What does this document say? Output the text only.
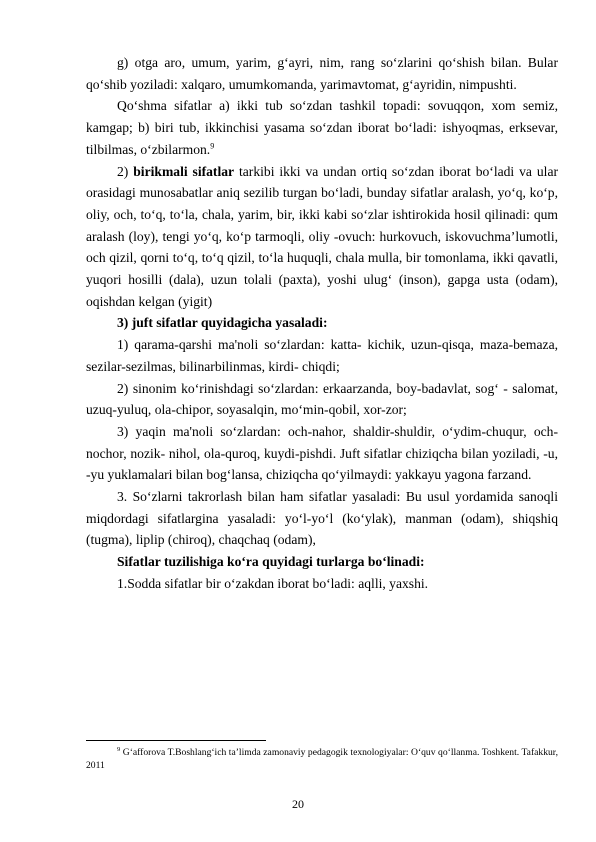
g) otga aro, umum, yarim, g‘ayri, nim, rang so‘zlarini qo‘shish bilan. Bular qo‘shib yoziladi: xalqaro, umumkomanda, yarimavtomat, g‘ayridin, nimpushti.

Qo‘shma sifatlar a) ikki tub so‘zdan tashkil topadi: sovuqqon, xom semiz, kamgap; b) biri tub, ikkinchisi yasama so‘zdan iborat bo‘ladi: ishyoqmas, erksevar, tilbilmas, o‘zbilarmon.$^9$

2) birikmali sifatlar tarkibi ikki va undan ortiq so‘zdan iborat bo‘ladi va ular orasidagi munosabatlar aniq sezilib turgan bo‘ladi, bunday sifatlar aralash, yo‘q, ko‘p, oliy, och, to‘q, to‘la, chala, yarim, bir, ikki kabi so‘zlar ishtirokida hosil qilinadi: qum aralash (loy), tengi yo‘q, ko‘p tarmoqli, oliy -ovuch: hurkovuch, iskovuchma’lumotli, och qizil, qorni to‘q, to‘q qizil, to‘la huquqli, chala mulla, bir tomonlama, ikki qavatli, yuqori hosilli (dala), uzun tolali (paxta), yoshi ulug‘ (inson), gapga usta (odam), oqishdan kelgan (yigit)

3) juft sifatlar quyidagicha yasaladi:

1) qarama-qarshi ma'noli so‘zlardan: katta- kichik, uzun-qisqa, maza-bemaza, sezilar-sezilmas, bilinarbilinmas, kirdi- chiqdi;

2) sinonim ko‘rinishdagi so‘zlardan: erkaarzanda, boy-badavlat, sog‘ - salomat, uzuq-yuluq, ola-chipor, soyasalqin, mo‘min-qobil, xor-zor;

3) yaqin ma'noli so‘zlardan: och-nahor, shaldir-shuldir, o‘ydim-chuqur, och-nochor, nozik- nihol, ola-quroq, kuydi-pishdi. Juft sifatlar chiziqcha bilan yoziladi, -u, -yu yuklamalari bilan bog‘lansa, chiziqcha qo‘yilmaydi: yakkayu yagona farzand.

3. So‘zlarni takrorlash bilan ham sifatlar yasaladi: Bu usul yordamida sanoqli miqdordagi sifatlargina yasaladi: yo‘l-yo‘l (ko‘ylak), manman (odam), shiqshiq (tugma), liplip (chiroq), chaqchaq (odam),

Sifatlar tuzilishiga ko‘ra quyidagi turlarga bo‘linadi:

1.Sodda sifatlar bir o‘zakdan iborat bo‘ladi: aqlli, yaxshi.

$^9$ G‘afforova T.Boshlang‘ich ta’limda zamonaviy pedagogik texnologiyalar: O‘quv qo‘llanma. Toshkent. Tafakkur, 2011
20
